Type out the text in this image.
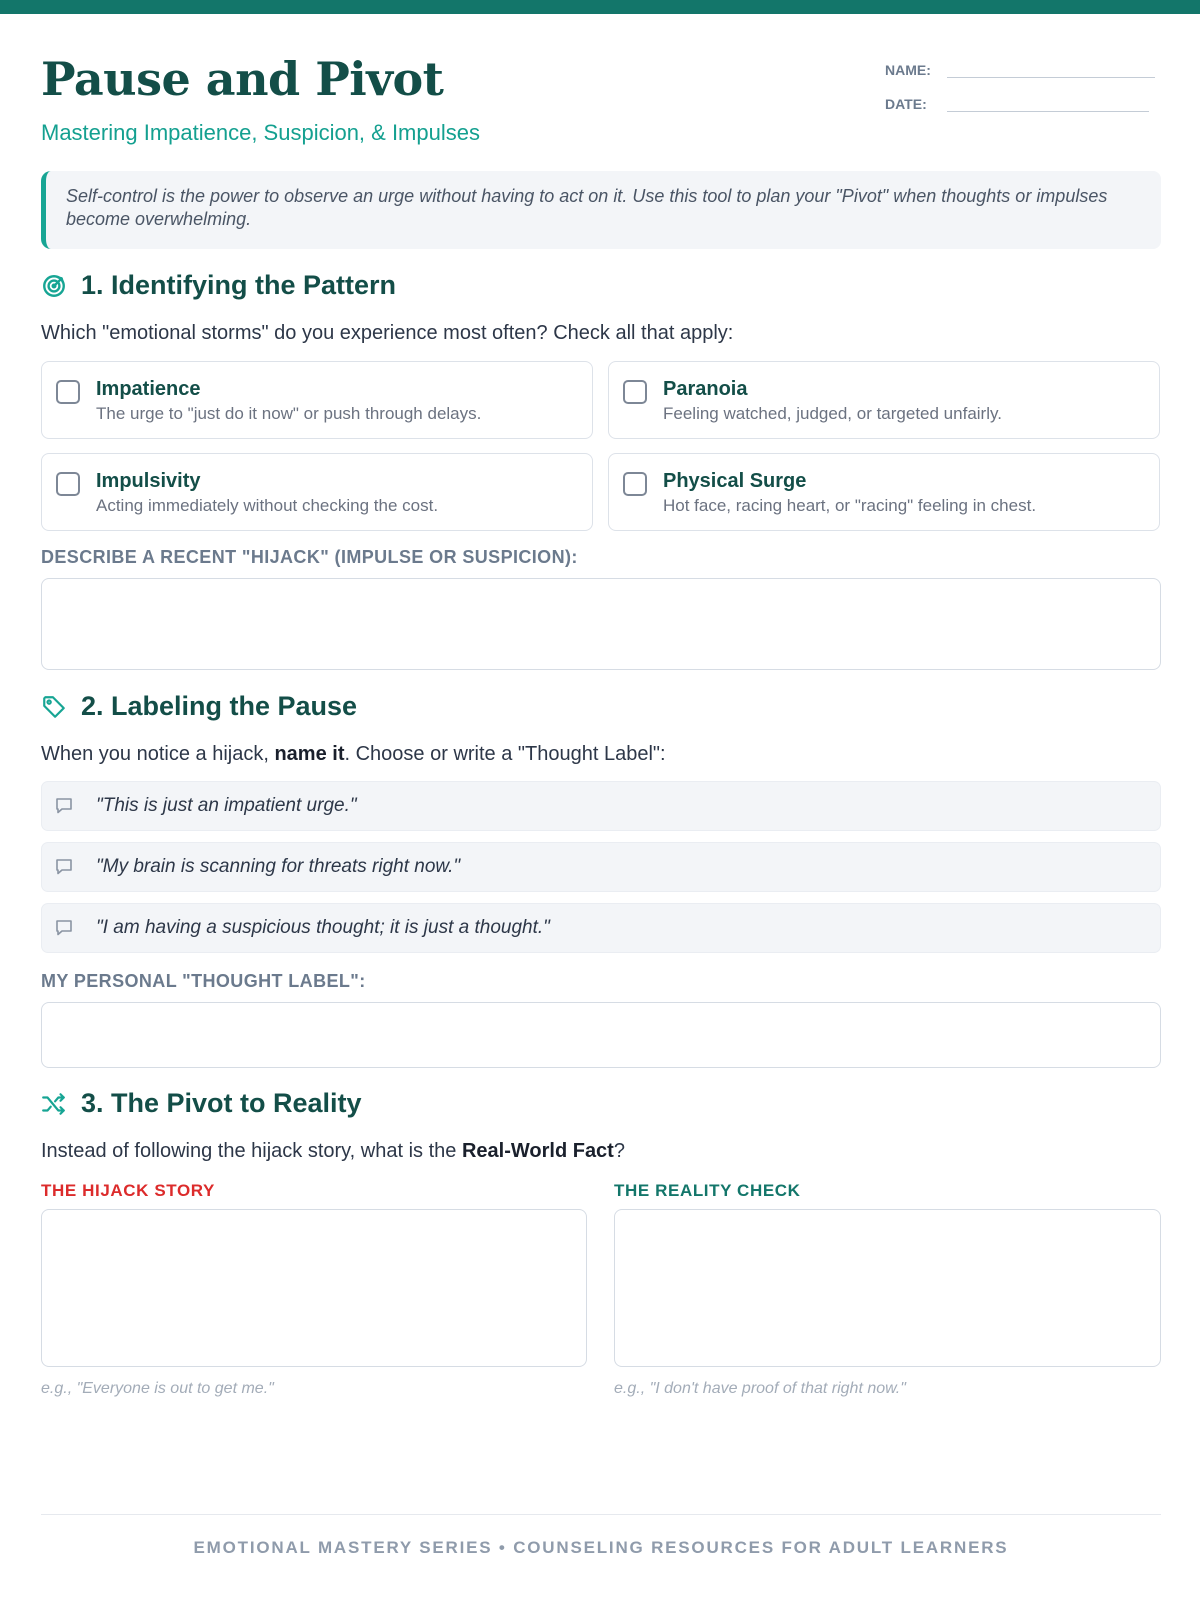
Pause and Pivot
Mastering Impatience, Suspicion, & Impulses
NAME:
DATE:
Self-control is the power to observe an urge without having to act on it. Use this tool to plan your "Pivot" when thoughts or impulses become overwhelming.
1. Identifying the Pattern
Which "emotional storms" do you experience most often? Check all that apply:
Impatience
The urge to "just do it now" or push through delays.
Paranoia
Feeling watched, judged, or targeted unfairly.
Impulsivity
Acting immediately without checking the cost.
Physical Surge
Hot face, racing heart, or "racing" feeling in chest.
DESCRIBE A RECENT "HIJACK" (IMPULSE OR SUSPICION):
2. Labeling the Pause
When you notice a hijack, name it. Choose or write a "Thought Label":
"This is just an impatient urge."
"My brain is scanning for threats right now."
"I am having a suspicious thought; it is just a thought."
MY PERSONAL "THOUGHT LABEL":
3. The Pivot to Reality
Instead of following the hijack story, what is the Real-World Fact?
THE HIJACK STORY	THE REALITY CHECK
e.g., "Everyone is out to get me."	e.g., "I don't have proof of that right now."
EMOTIONAL MASTERY SERIES • COUNSELING RESOURCES FOR ADULT LEARNERS
